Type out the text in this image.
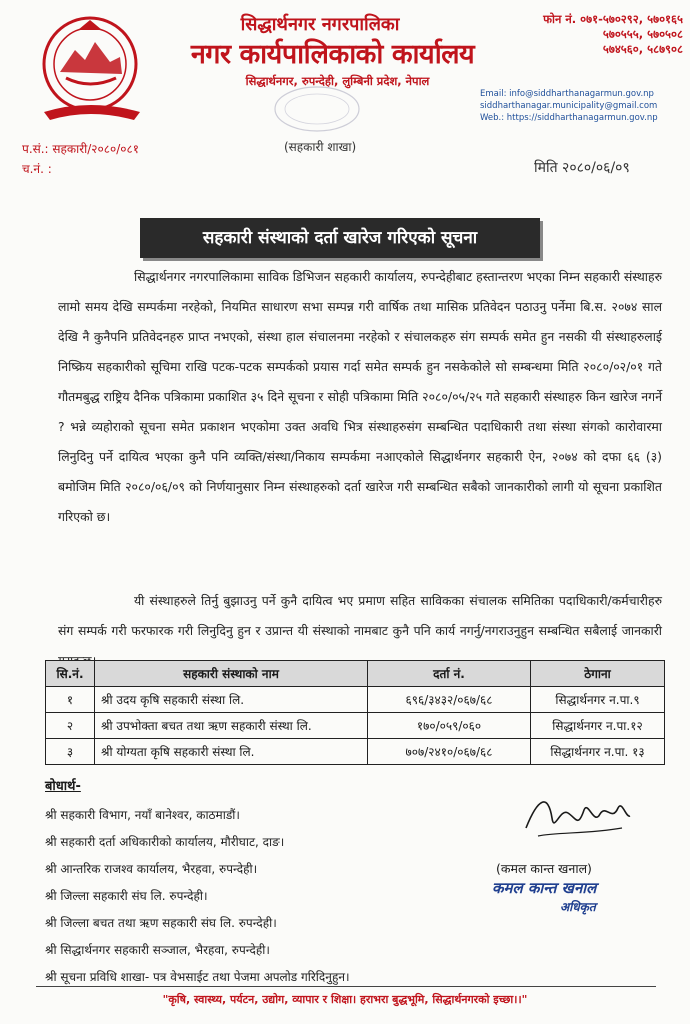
सिद्धार्थनगर नगरपालिका
नगर कार्यपालिकाको कार्यालय
सिद्धार्थनगर, रुपन्देही, लुम्बिनी प्रदेश, नेपाल
फोन नं. ०७१-५७०२९२, ५७०१६५
५७०५५५, ५७०५०८
५७४५६०, ५८७९०८
Email: info@siddharthanagarmun.gov.np
siddharthanagar.municipality@gmail.com
Web.: https://siddharthanagarmun.gov.np
प.सं.: सहकारी/२०८०/०८१
च.नं. :
(सहकारी शाखा)
मिति २०८०/०६/०९
सहकारी संस्थाको दर्ता खारेज गरिएको सूचना

सिद्धार्थनगर नगरपालिकामा साविक डिभिजन सहकारी कार्यालय, रुपन्देहीबाट हस्तान्तरण भएका निम्न सहकारी संस्थाहरु लामो समय देखि सम्पर्कमा नरहेको, नियमित साधारण सभा सम्पन्न गरी वार्षिक तथा मासिक प्रतिवेदन पठाउनु पर्नेमा बि.स. २०७४ साल देखि नै कुनैपनि प्रतिवेदनहरु प्राप्त नभएको, संस्था हाल संचालनमा नरहेको र संचालकहरु संग सम्पर्क समेत हुन नसकी यी संस्थाहरुलाई निष्क्रिय सहकारीको सूचिमा राखि पटक-पटक सम्पर्कको प्रयास गर्दा समेत सम्पर्क हुन नसकेकोले सो सम्बन्धमा मिति २०८०/०२/०१ गते गौतमबुद्ध राष्ट्रिय दैनिक पत्रिकामा प्रकाशित ३५ दिने सूचना र सोही पत्रिकामा मिति २०८०/०५/२५ गते सहकारी संस्थाहरु किन खारेज नगर्ने ? भन्ने व्यहोराको सूचना समेत प्रकाशन भएकोमा उक्त अवधि भित्र संस्थाहरुसंग सम्बन्धित पदाधिकारी तथा संस्था संगको कारोवारमा लिनुदिनु पर्ने दायित्व भएका कुनै पनि व्यक्ति/संस्था/निकाय सम्पर्कमा नआएकोले सिद्धार्थनगर सहकारी ऐन, २०७४ को दफा ६६ (३) बमोजिम मिति २०८०/०६/०९ को निर्णयानुसार निम्न संस्थाहरुको दर्ता खारेज गरी सम्बन्धित सबैको जानकारीको लागी यो सूचना प्रकाशित गरिएको छ।

यी संस्थाहरुले तिर्नु बुझाउनु पर्ने कुनै दायित्व भए प्रमाण सहित साविकका संचालक समितिका पदाधिकारी/कर्मचारीहरु संग सम्पर्क गरी फरफारक गरी लिनुदिनु हुन र उप्रान्त यी संस्थाको नामबाट कुनै पनि कार्य नगर्नु/नगराउनुहुन सम्बन्धित सबैलाई जानकारी

सि.नं.	सहकारी संस्थाको नाम	दर्ता नं.	ठेगाना
१	श्री उदय कृषि सहकारी संस्था लि.	६९६/३४३२/०६७/६८	सिद्धार्थनगर न.पा.९
२	श्री उपभोक्ता बचत तथा ऋण सहकारी संस्था लि.	१७०/०५९/०६०	सिद्धार्थनगर न.पा.१२
३	श्री योग्यता कृषि सहकारी संस्था लि.	७०७/२४१०/०६७/६८	सिद्धार्थनगर न.पा. १३
बोधार्थ-
श्री सहकारी विभाग, नयाँ बानेश्वर, काठमाडौं।
श्री सहकारी दर्ता अधिकारीको कार्यालय, मौरीघाट, दाङ।
श्री आन्तरिक राजश्व कार्यालय, भैरहवा, रुपन्देही।
श्री जिल्ला सहकारी संघ लि. रुपन्देही।
श्री जिल्ला बचत तथा ऋण सहकारी संघ लि. रुपन्देही।
श्री सिद्धार्थनगर सहकारी सञ्जाल, भैरहवा, रुपन्देही।
श्री सूचना प्रविधि शाखा- पत्र वेभसाईट तथा पेजमा अपलोड गरिदिनुहुन।
(कमल कान्त खनाल)
कमल कान्त खनाल
अधिकृत
"कृषि, स्वास्थ्य, पर्यटन, उद्योग, व्यापार र शिक्षा। हराभरा बुद्धभूमि, सिद्धार्थनगरको इच्छा।।"
